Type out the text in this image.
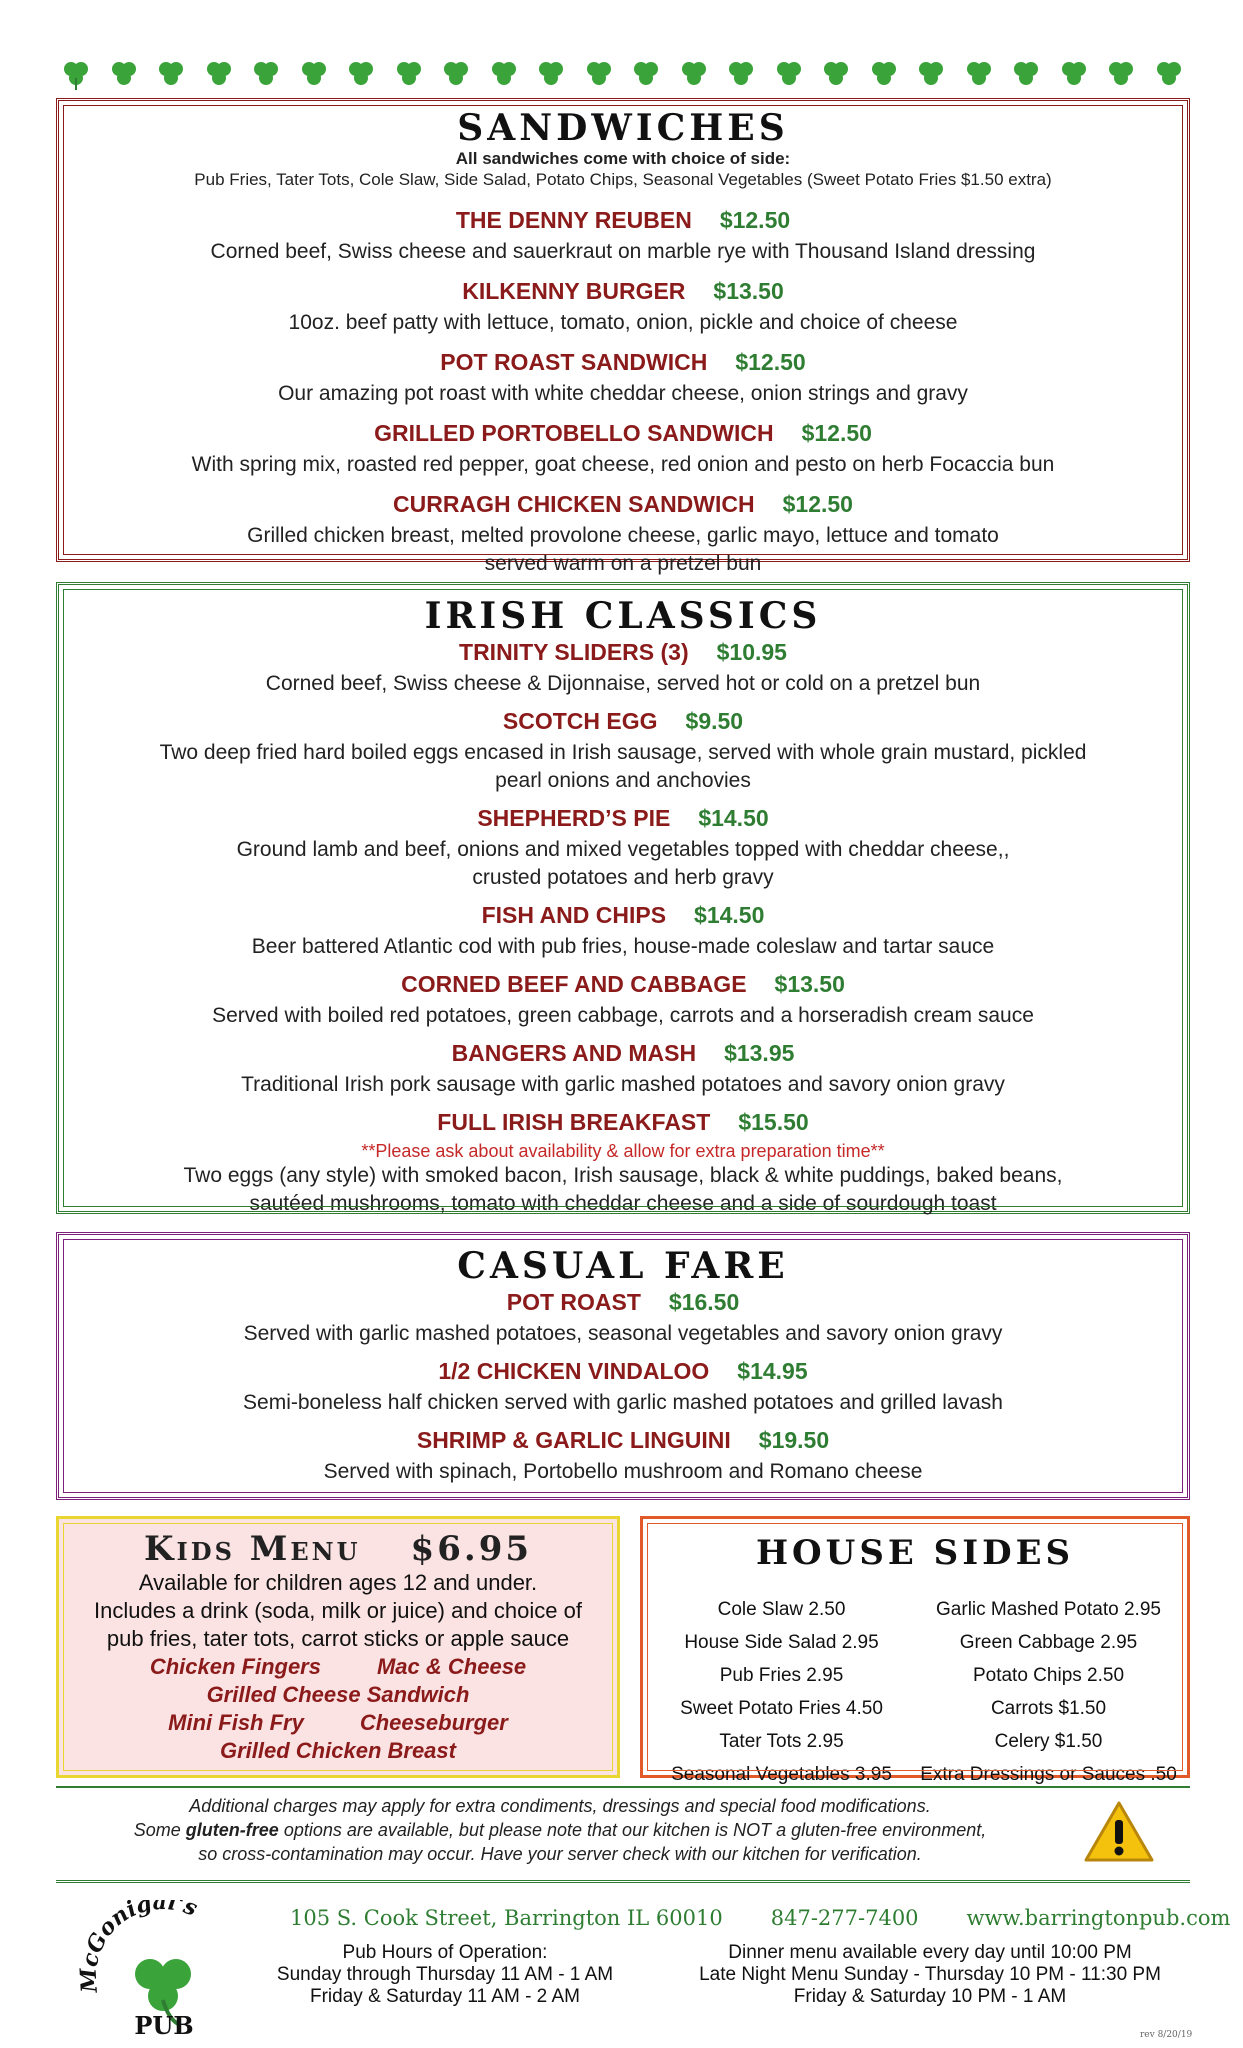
SANDWICHES
All sandwiches come with choice of side:
Pub Fries, Tater Tots, Cole Slaw, Side Salad, Potato Chips, Seasonal Vegetables (Sweet Potato Fries $1.50 extra)
THE DENNY REUBEN $12.50
Corned beef, Swiss cheese and sauerkraut on marble rye with Thousand Island dressing
KILKENNY BURGER $13.50
10oz. beef patty with lettuce, tomato, onion, pickle and choice of cheese
POT ROAST SANDWICH $12.50
Our amazing pot roast with white cheddar cheese, onion strings and gravy
GRILLED PORTOBELLO SANDWICH $12.50
With spring mix, roasted red pepper, goat cheese, red onion and pesto on herb Focaccia bun
CURRAGH CHICKEN SANDWICH $12.50
Grilled chicken breast, melted provolone cheese, garlic mayo, lettuce and tomato
served warm on a pretzel bun
IRISH CLASSICS
TRINITY SLIDERS (3) $10.95
Corned beef, Swiss cheese & Dijonnaise, served hot or cold on a pretzel bun
SCOTCH EGG $9.50
Two deep fried hard boiled eggs encased in Irish sausage, served with whole grain mustard, pickled
pearl onions and anchovies
SHEPHERD’S PIE $14.50
Ground lamb and beef, onions and mixed vegetables topped with cheddar cheese,,
crusted potatoes and herb gravy
FISH AND CHIPS $14.50
Beer battered Atlantic cod with pub fries, house-made coleslaw and tartar sauce
CORNED BEEF AND CABBAGE $13.50
Served with boiled red potatoes, green cabbage, carrots and a horseradish cream sauce
BANGERS AND MASH $13.95
Traditional Irish pork sausage with garlic mashed potatoes and savory onion gravy
FULL IRISH BREAKFAST $15.50
**Please ask about availability & allow for extra preparation time**
Two eggs (any style) with smoked bacon, Irish sausage, black & white puddings, baked beans,
sautéed mushrooms, tomato with cheddar cheese and a side of sourdough toast
CASUAL FARE
POT ROAST $16.50
Served with garlic mashed potatoes, seasonal vegetables and savory onion gravy
1/2 CHICKEN VINDALOO $14.95
Semi-boneless half chicken served with garlic mashed potatoes and grilled lavash
SHRIMP & GARLIC LINGUINI $19.50
Served with spinach, Portobello mushroom and Romano cheese
Kids Menu $6.95
Available for children ages 12 and under.
Includes a drink (soda, milk or juice) and choice of
pub fries, tater tots, carrot sticks or apple sauce
Chicken Fingers	Mac & Cheese
Grilled Cheese Sandwich
Mini Fish Fry	Cheeseburger
Grilled Chicken Breast
HOUSE SIDES
Cole Slaw 2.50	Garlic Mashed Potato 2.95
House Side Salad 2.95	Green Cabbage 2.95
Pub Fries 2.95	Potato Chips 2.50
Sweet Potato Fries 4.50	Carrots $1.50
Tater Tots 2.95	Celery $1.50
Seasonal Vegetables 3.95	Extra Dressings or Sauces .50
Additional charges may apply for extra condiments, dressings and special food modifications.
Some gluten-free options are available, but please note that our kitchen is NOT a gluten-free environment,
so cross-contamination may occur. Have your server check with our kitchen for verification.
McGonigal's
PUB
105 S. Cook Street, Barrington IL 60010 847-277-7400 www.barringtonpub.com
Pub Hours of Operation:
Sunday through Thursday 11 AM - 1 AM
Friday & Saturday 11 AM - 2 AM
Dinner menu available every day until 10:00 PM
Late Night Menu Sunday - Thursday 10 PM - 11:30 PM
Friday & Saturday 10 PM - 1 AM
rev 8/20/19
